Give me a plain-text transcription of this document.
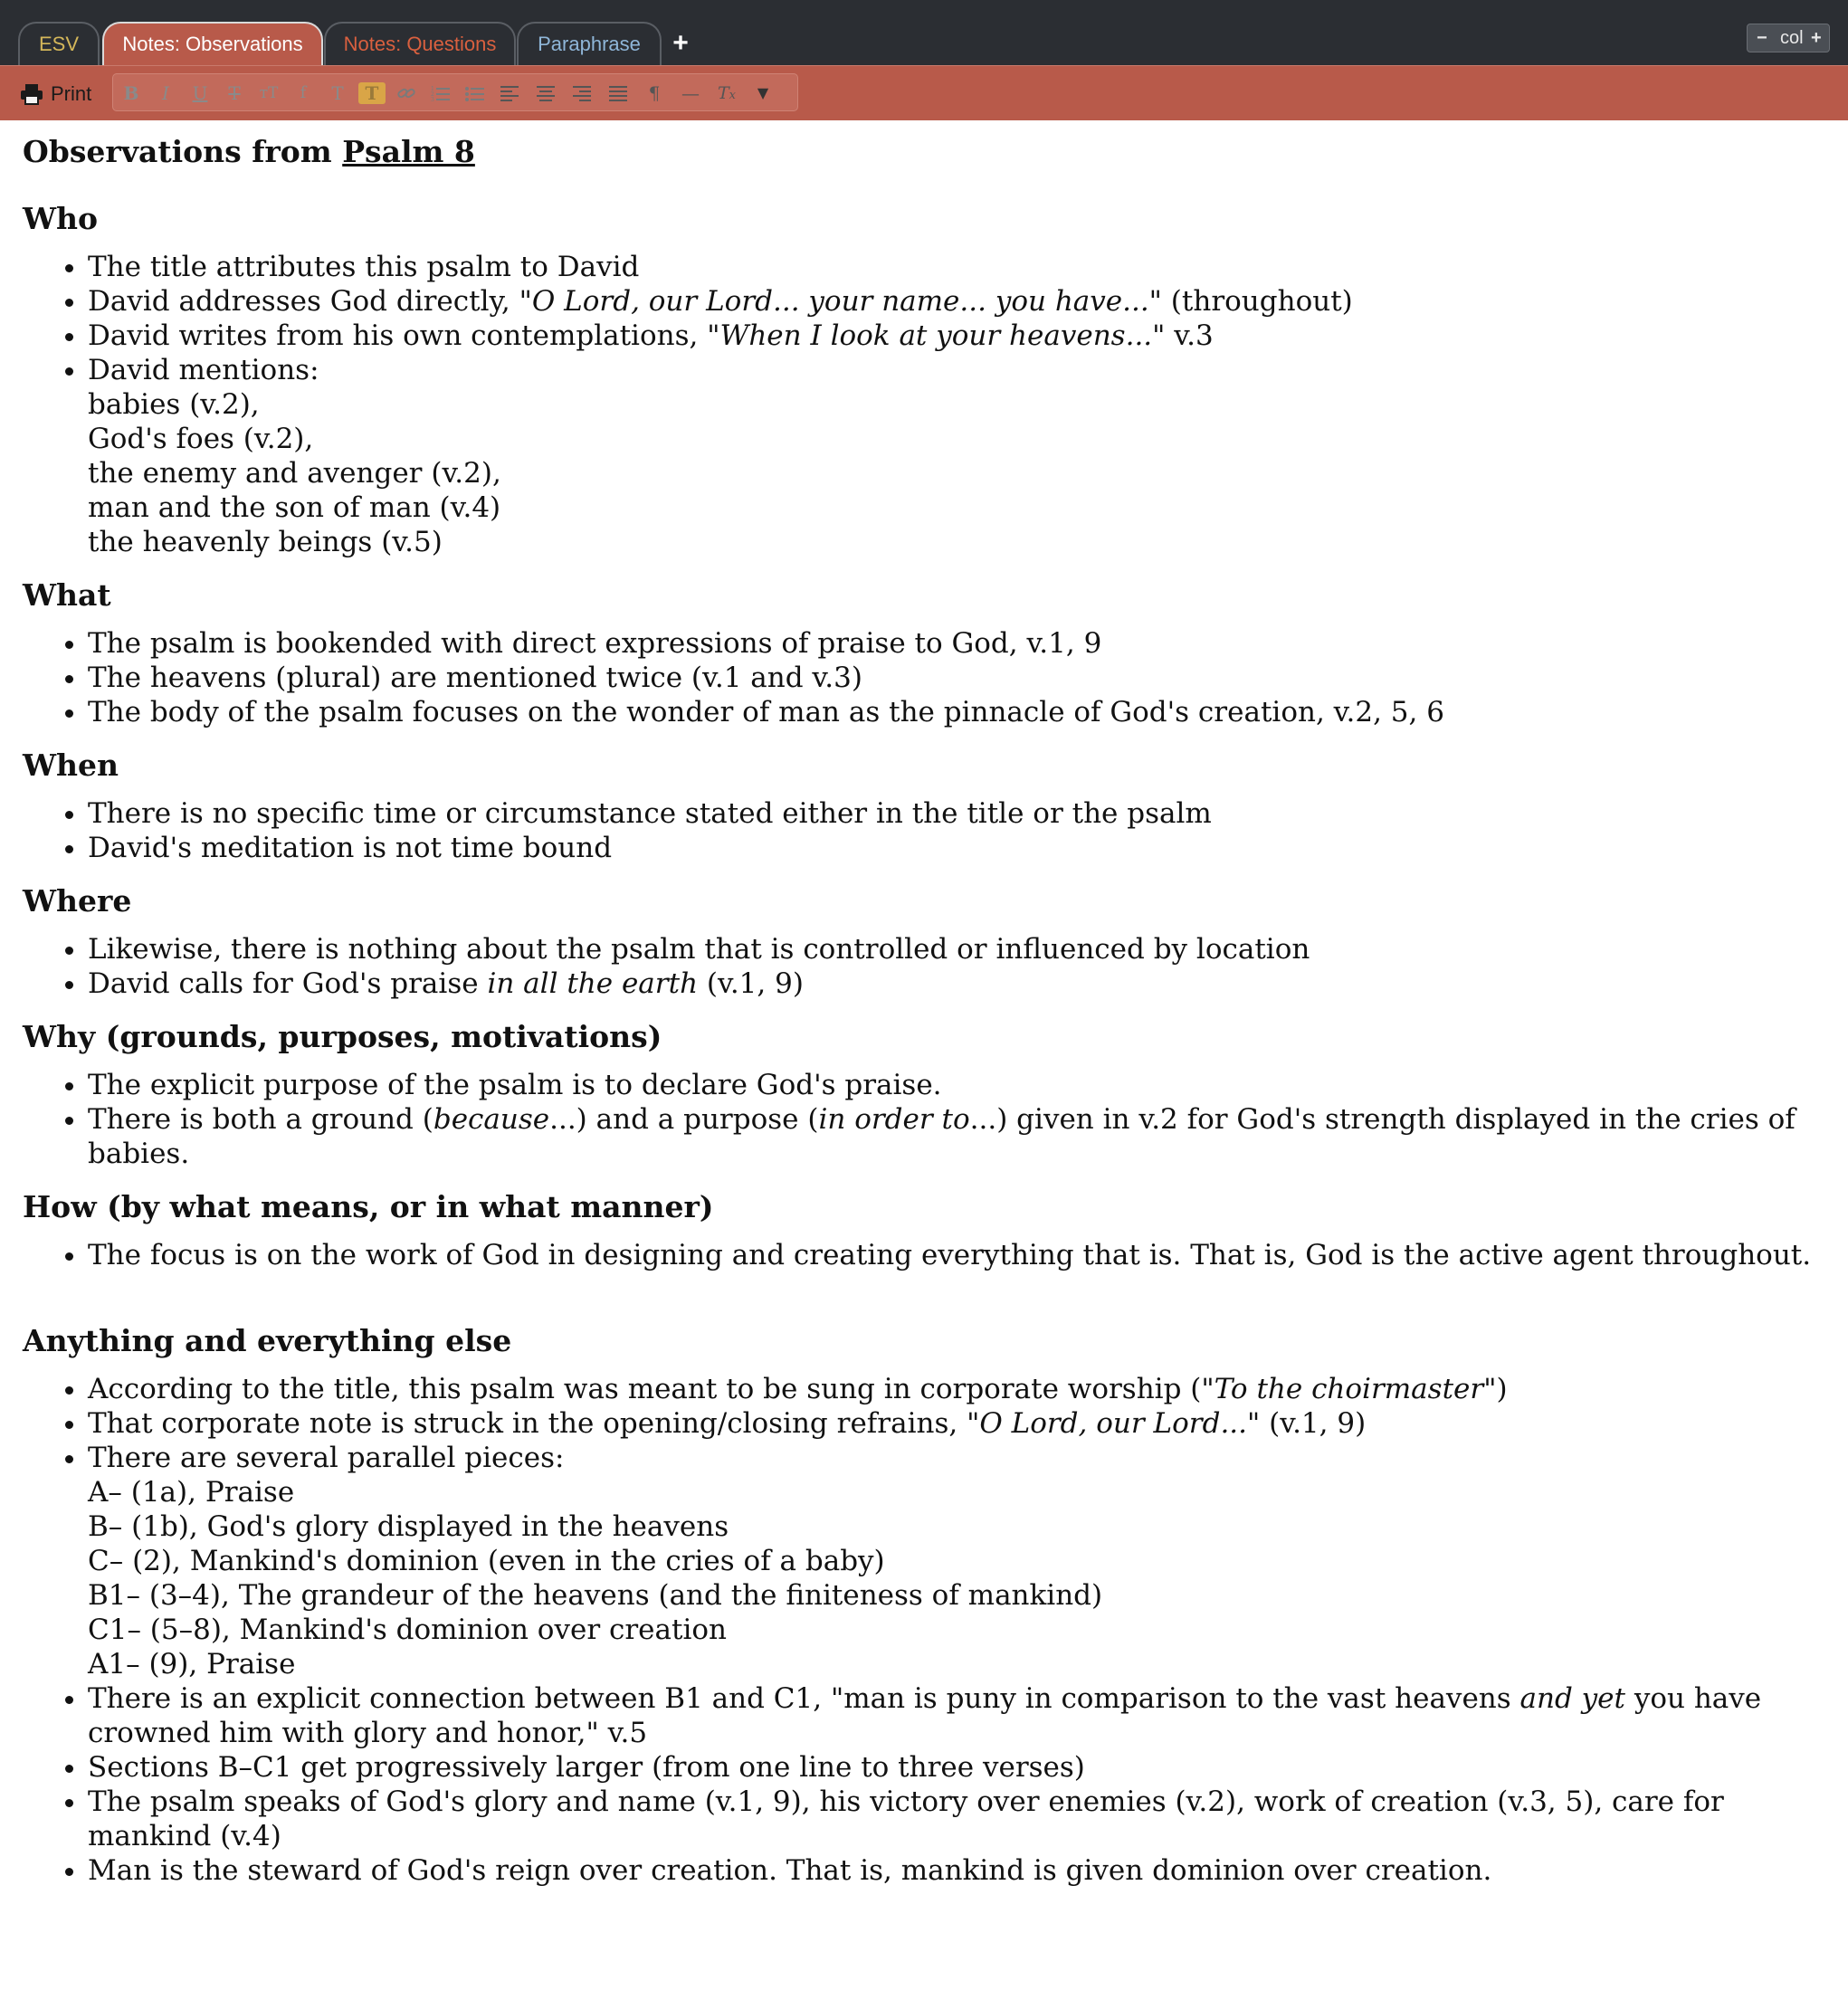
ESV	Notes: Observations	Notes: Questions	Paraphrase	+	− col +
Print	B	I	U	T	ᴛT	f	T	T	1
2
3	¶	— Tx	▼
Observations from Psalm 8
Who
• The title attributes this psalm to David
• David addresses God directly, "O Lord, our Lord... your name... you have..." (throughout)
• David writes from his own contemplations, "When I look at your heavens..." v.3
• David mentions:
babies (v.2),
God's foes (v.2),
the enemy and avenger (v.2),
man and the son of man (v.4)
the heavenly beings (v.5)
What
• The psalm is bookended with direct expressions of praise to God, v.1, 9
• The heavens (plural) are mentioned twice (v.1 and v.3)
• The body of the psalm focuses on the wonder of man as the pinnacle of God's creation, v.2, 5, 6
When
• There is no specific time or circumstance stated either in the title or the psalm
• David's meditation is not time bound
Where
• Likewise, there is nothing about the psalm that is controlled or influenced by location
• David calls for God's praise in all the earth (v.1, 9)
Why (grounds, purposes, motivations)
• The explicit purpose of the psalm is to declare God's praise.
• There is both a ground (because...) and a purpose (in order to...) given in v.2 for God's strength displayed in the cries of babies.
How (by what means, or in what manner)
• The focus is on the work of God in designing and creating everything that is. That is, God is the active agent throughout.
Anything and everything else
• According to the title, this psalm was meant to be sung in corporate worship ("To the choirmaster")
• That corporate note is struck in the opening/closing refrains, "O Lord, our Lord..." (v.1, 9)
• There are several parallel pieces:
A– (1a), Praise
B– (1b), God's glory displayed in the heavens
C– (2), Mankind's dominion (even in the cries of a baby)
B1– (3–4), The grandeur of the heavens (and the finiteness of mankind)
C1– (5–8), Mankind's dominion over creation
A1– (9), Praise
• There is an explicit connection between B1 and C1, "man is puny in comparison to the vast heavens and yet you have crowned him with glory and honor," v.5
• Sections B–C1 get progressively larger (from one line to three verses)
• The psalm speaks of God's glory and name (v.1, 9), his victory over enemies (v.2), work of creation (v.3, 5), care for mankind (v.4)
• Man is the steward of God's reign over creation. That is, mankind is given dominion over creation.
